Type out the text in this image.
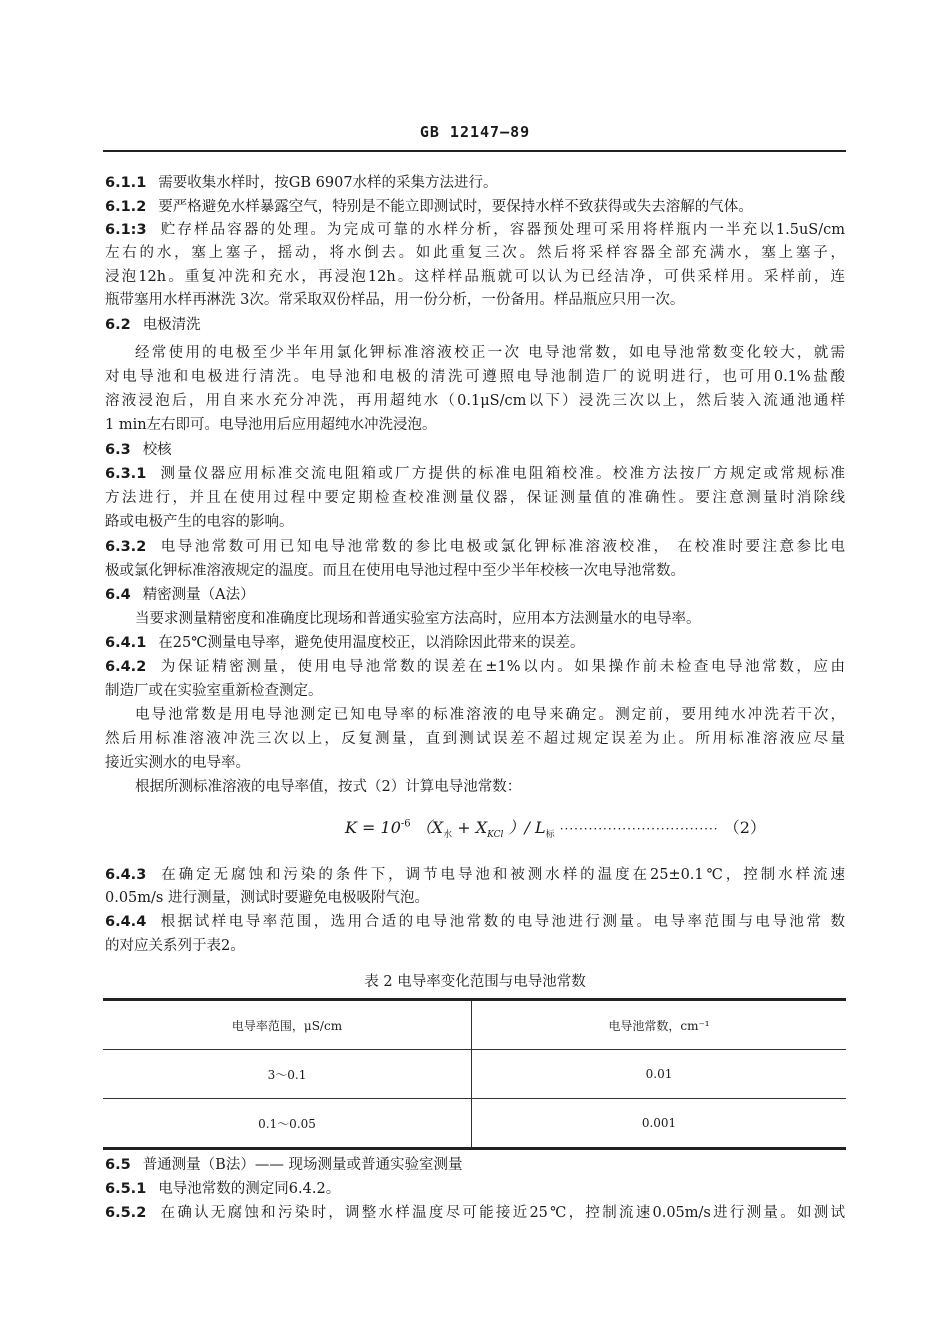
GB 12147—89
6.1.1 需要收集水样时，按GB 6907水样的采集方法进行。
6.1.2 要严格避免水样暴露空气，特别是不能立即测试时，要保持水样不致获得或失去溶解的气体。
6.1:3 贮存样品容器的处理。为完成可靠的水样分析，容器预处理可采用将样瓶内一半充以1.5uS/cm
左右的水，塞上塞子，摇动，将水倒去。如此重复三次。然后将采样容器全部充满水，塞上塞子，
浸泡12h。重复冲洗和充水，再浸泡12h。这样样品瓶就可以认为已经洁净，可供采样用。采样前，连
瓶带塞用水样再淋洗 3次。常采取双份样品，用一份分析，一份备用。样品瓶应只用一次。
6.2 电极清洗
经常使用的电极至少半年用氯化钾标准溶液校正一次 电导池常数，如电导池常数变化较大，就需
对电导池和电极进行清洗。电导池和电极的清洗可遵照电导池制造厂的说明进行，也可用0.1%盐酸
溶液浸泡后，用自来水充分冲洗，再用超纯水（0.1μS/cm以下）浸洗三次以上，然后装入流通池通样
1 min左右即可。电导池用后应用超纯水冲洗浸泡。
6.3 校核
6.3.1 测量仪器应用标准交流电阻箱或厂方提供的标准电阻箱校准。校准方法按厂方规定或常规标准
方法进行，并且在使用过程中要定期检查校准测量仪器，保证测量值的准确性。要注意测量时消除线
路或电极产生的电容的影响。
6.3.2 电导池常数可用已知电导池常数的参比电极或氯化钾标准溶液校准， 在校准时要注意参比电
极或氯化钾标准溶液规定的温度。而且在使用电导池过程中至少半年校核一次电导池常数。
6.4 精密测量（A法）
当要求测量精密度和准确度比现场和普通实验室方法高时，应用本方法测量水的电导率。
6.4.1 在25℃测量电导率，避免使用温度校正，以消除因此带来的误差。
6.4.2 为保证精密测量，使用电导池常数的误差在±1%以内。如果操作前未检查电导池常数，应由
制造厂或在实验室重新检查测定。
电导池常数是用电导池测定已知电导率的标准溶液的电导来确定。测定前，要用纯水冲洗若干次，
然后用标准溶液冲洗三次以上，反复测量，直到测试误差不超过规定误差为止。所用标准溶液应尽量
接近实测水的电导率。
根据所测标准溶液的电导率值，按式（2）计算电导池常数：
6.4.3 在确定无腐蚀和污染的条件下，调节电导池和被测水样的温度在25±0.1℃，控制水样流速
0.05m/s 进行测量，测试时要避免电极吸附气泡。
6.4.4 根据试样电导率范围，选用合适的电导池常数的电导池进行测量。电导率范围与电导池常 数
的对应关系列于表2。
6.5 普通测量（B法）—— 现场测量或普通实验室测量
6.5.1 电导池常数的测定同6.4.2。
6.5.2 在确认无腐蚀和污染时，调整水样温度尽可能接近25℃，控制流速0.05m/s进行测量。如测试
$K = 10^{-6}$ （$X_水 + X_{KCl}$ ）/ $L_标$ ································· （2）
表 2 电导率变化范围与电导池常数
电导率范围，μS/cm	电导池常数，cm⁻¹
3～0.1	0.01
0.1～0.05	0.001
